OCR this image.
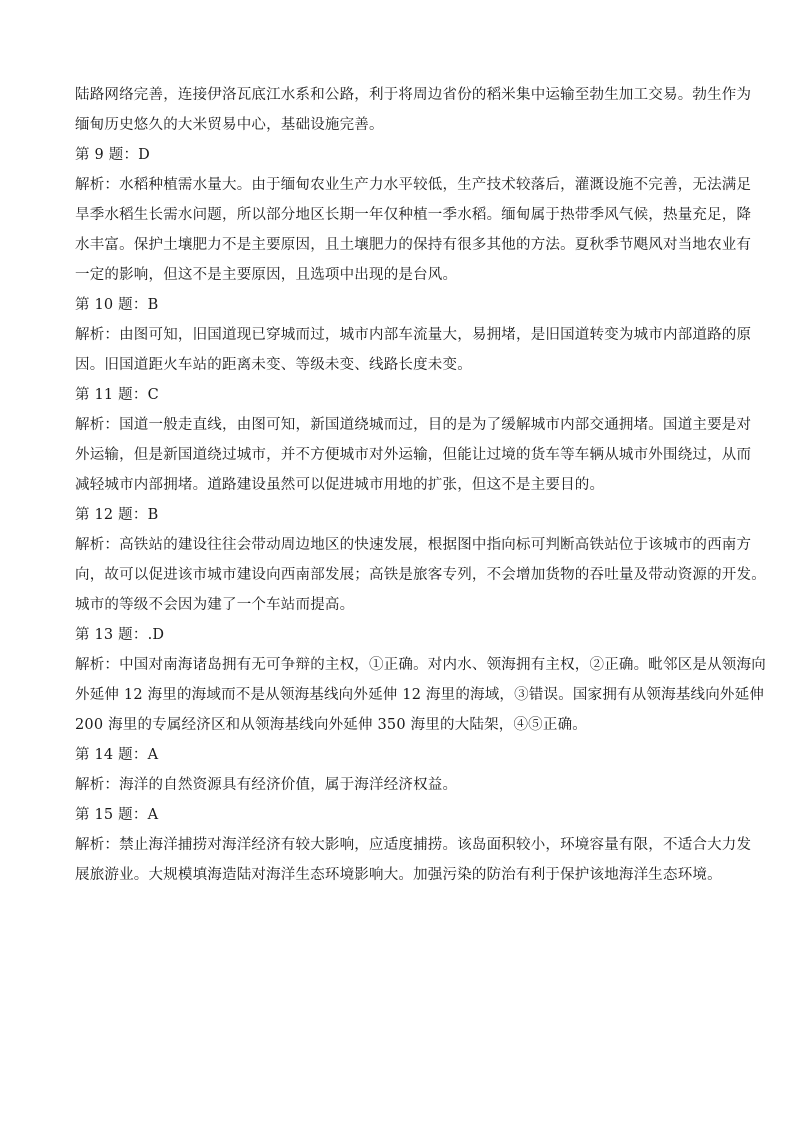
陆路网络完善，连接伊洛瓦底江水系和公路，利于将周边省份的稻米集中运输至勃生加工交易。勃生作为
缅甸历史悠久的大米贸易中心，基础设施完善。
第 9 题：D
解析：水稻种植需水量大。由于缅甸农业生产力水平较低，生产技术较落后，灌溉设施不完善，无法满足
旱季水稻生长需水问题，所以部分地区长期一年仅种植一季水稻。缅甸属于热带季风气候，热量充足，降
水丰富。保护土壤肥力不是主要原因，且土壤肥力的保持有很多其他的方法。夏秋季节飓风对当地农业有
一定的影响，但这不是主要原因，且选项中出现的是台风。
第 10 题：B
解析：由图可知，旧国道现已穿城而过，城市内部车流量大，易拥堵，是旧国道转变为城市内部道路的原
因。旧国道距火车站的距离未变、等级未变、线路长度未变。
第 11 题：C
解析：国道一般走直线，由图可知，新国道绕城而过，目的是为了缓解城市内部交通拥堵。国道主要是对
外运输，但是新国道绕过城市，并不方便城市对外运输，但能让过境的货车等车辆从城市外围绕过，从而
减轻城市内部拥堵。道路建设虽然可以促进城市用地的扩张，但这不是主要目的。
第 12 题：B
解析：高铁站的建设往往会带动周边地区的快速发展，根据图中指向标可判断高铁站位于该城市的西南方
向，故可以促进该市城市建设向西南部发展；高铁是旅客专列，不会增加货物的吞吐量及带动资源的开发。
城市的等级不会因为建了一个车站而提高。
第 13 题：.D
解析：中国对南海诸岛拥有无可争辩的主权，①正确。对内水、领海拥有主权，②正确。毗邻区是从领海向
外延伸 12 海里的海域而不是从领海基线向外延伸 12 海里的海域，③错误。国家拥有从领海基线向外延伸
200 海里的专属经济区和从领海基线向外延伸 350 海里的大陆架，④⑤正确。
第 14 题：A
解析：海洋的自然资源具有经济价值，属于海洋经济权益。
第 15 题：A
解析：禁止海洋捕捞对海洋经济有较大影响，应适度捕捞。该岛面积较小，环境容量有限，不适合大力发
展旅游业。大规模填海造陆对海洋生态环境影响大。加强污染的防治有利于保护该地海洋生态环境。
